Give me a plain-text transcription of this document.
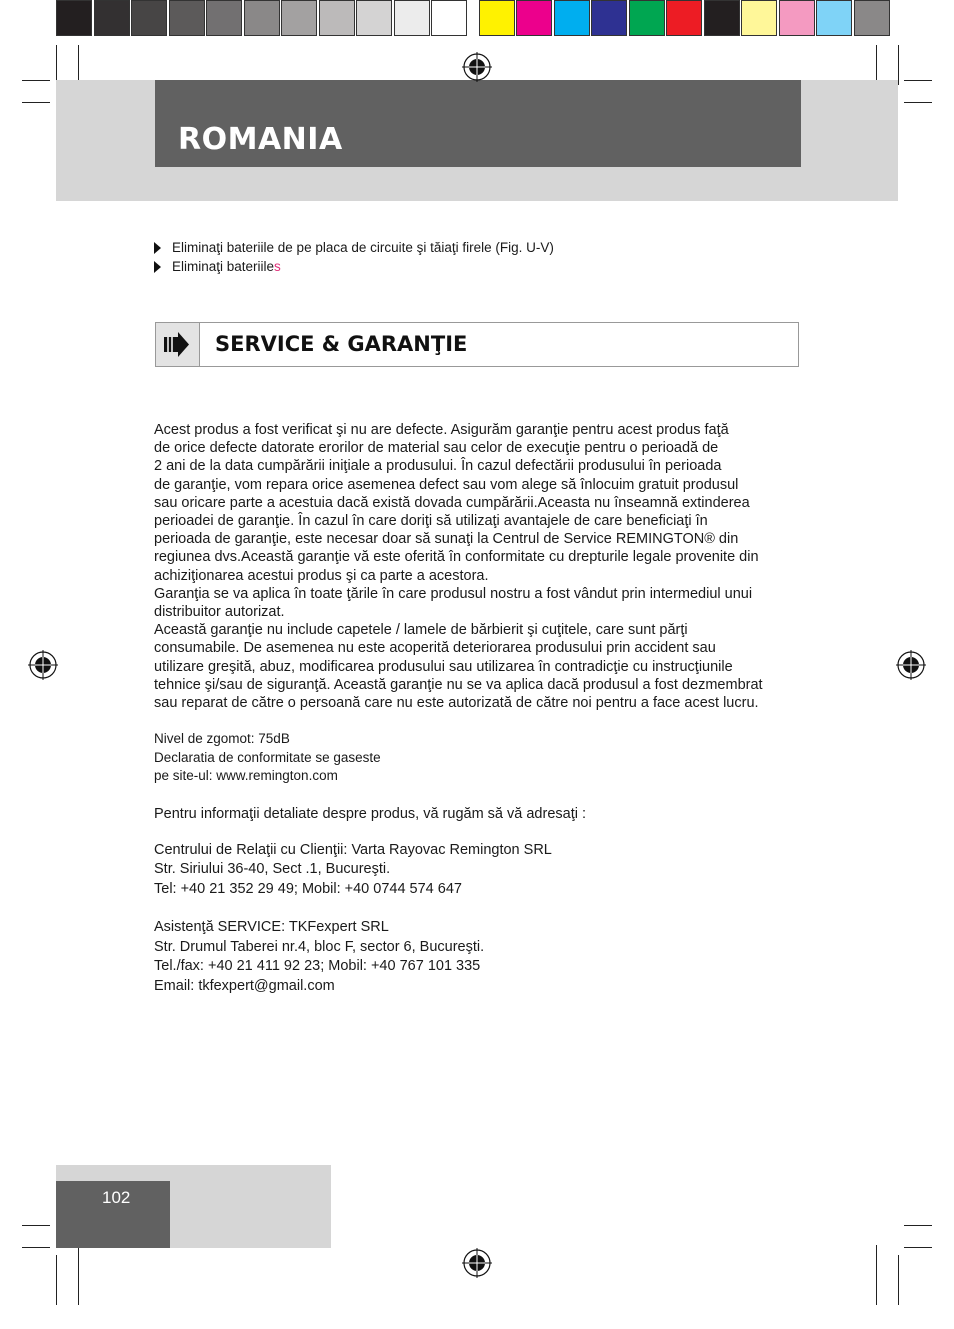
ROMANIA
Eliminaţi bateriile de pe placa de circuite şi tăiaţi firele (Fig. U-V)
Eliminaţi bateriile s
SERVICE & GARANŢIE

Acest produs a fost verificat şi nu are defecte. Asigurăm garanţie pentru acest produs faţă
de orice defecte datorate erorilor de material sau celor de execuţie pentru o perioadă de
2 ani de la data cumpărării iniţiale a produsului. În cazul defectării produsului în perioada
de garanţie, vom repara orice asemenea defect sau vom alege să înlocuim gratuit produsul
sau oricare parte a acestuia dacă există dovada cumpărării.Aceasta nu înseamnă extinderea
perioadei de garanţie. În cazul în care doriţi să utilizaţi avantajele de care beneficiaţi în
perioada de garanţie, este necesar doar să sunaţi la Centrul de Service REMINGTON® din
regiunea dvs.Această garanţie vă este oferită în conformitate cu drepturile legale provenite din
achiziţionarea acestui produs şi ca parte a acestora.
Garanţia se va aplica în toate ţările în care produsul nostru a fost vândut prin intermediul unui
distribuitor autorizat.
Această garanţie nu include capetele / lamele de bărbierit şi cuţitele, care sunt părţi
consumabile. De asemenea nu este acoperită deteriorarea produsului prin accident sau
utilizare greşită, abuz, modificarea produsului sau utilizarea în contradicţie cu instrucţiunile
tehnice şi/sau de siguranţă. Această garanţie nu se va aplica dacă produsul a fost dezmembrat
sau reparat de către o persoană care nu este autorizată de către noi pentru a face acest lucru.

Nivel de zgomot: 75dB
Declaratia de conformitate se gaseste
pe site-ul: www.remington.com

Pentru informaţii detaliate despre produs, vă rugăm să vă adresaţi :

Centrului de Relaţii cu Clienţii: Varta Rayovac Remington SRL
Str. Siriului 36-40, Sect .1, Bucureşti.
Tel: +40 21 352 29 49; Mobil: +40 0744 574 647

Asistenţă SERVICE: TKFexpert SRL
Str. Drumul Taberei nr.4, bloc F, sector 6, Bucureşti.
Tel./fax: +40 21 411 92 23; Mobil: +40 767 101 335
Email: tkfexpert@gmail.com

102
